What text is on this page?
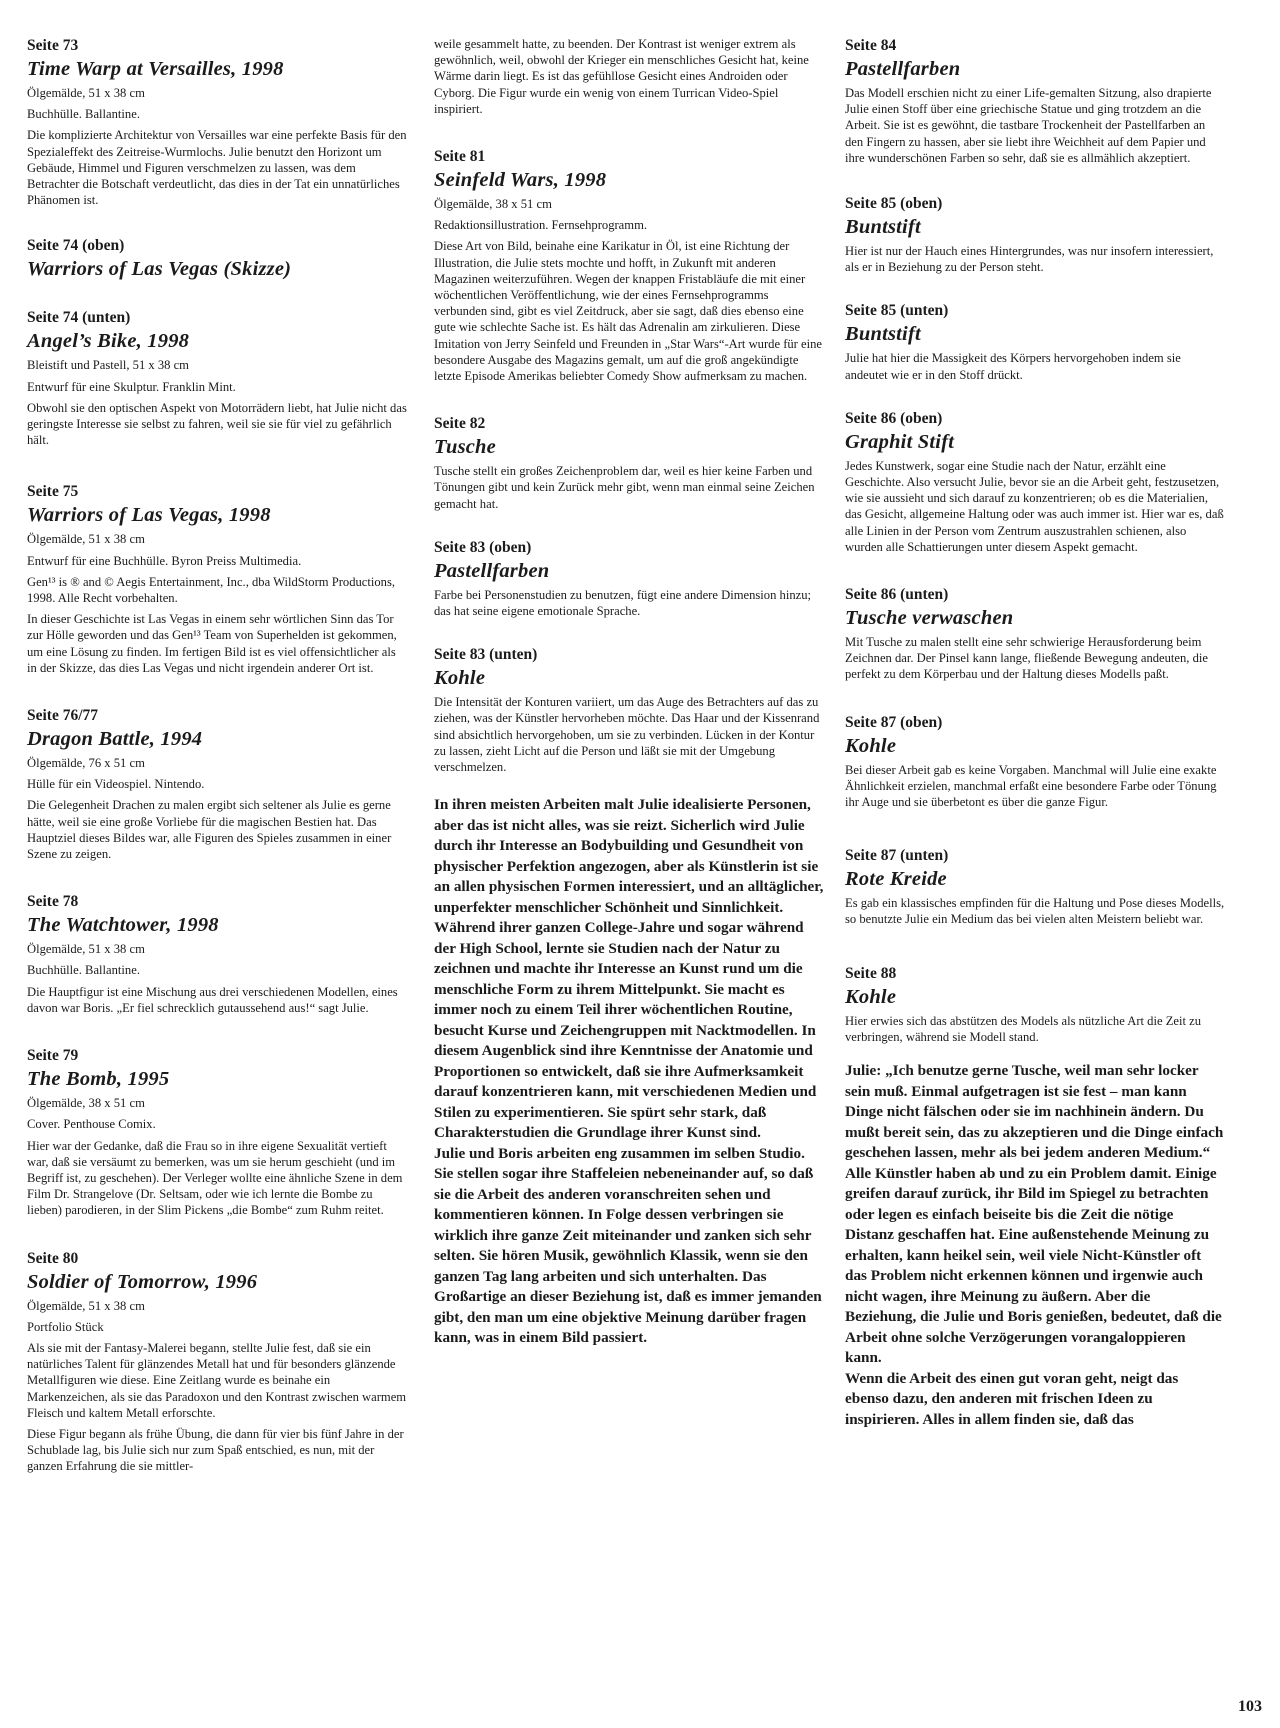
Seite 73
Time Warp at Versailles, 1998
Ölgemälde, 51 x 38 cm
Buchhülle. Ballantine.
Die komplizierte Architektur von Versailles war eine perfekte Basis für den Spezialeffekt des Zeitreise-Wurmlochs. Julie benutzt den Horizont um Gebäude, Himmel und Figuren verschmelzen zu lassen, was dem Betrachter die Botschaft verdeutlicht, das dies in der Tat ein unnatürliches Phänomen ist.
Seite 74 (oben)
Warriors of Las Vegas (Skizze)
Seite 74 (unten)
Angel’s Bike, 1998
Bleistift und Pastell, 51 x 38 cm
Entwurf für eine Skulptur. Franklin Mint.
Obwohl sie den optischen Aspekt von Motorrädern liebt, hat Julie nicht das geringste Interesse sie selbst zu fahren, weil sie sie für viel zu gefährlich hält.
Seite 75
Warriors of Las Vegas, 1998
Ölgemälde, 51 x 38 cm
Entwurf für eine Buchhülle. Byron Preiss Multimedia.
Gen¹³ is ® and © Aegis Entertainment, Inc., dba WildStorm Productions, 1998. Alle Recht vorbehalten.
In dieser Geschichte ist Las Vegas in einem sehr wörtlichen Sinn das Tor zur Hölle geworden und das Gen¹³ Team von Superhelden ist gekommen, um eine Lösung zu finden. Im fertigen Bild ist es viel offensichtlicher als in der Skizze, das dies Las Vegas und nicht irgendein anderer Ort ist.
Seite 76/77
Dragon Battle, 1994
Ölgemälde, 76 x 51 cm
Hülle für ein Videospiel. Nintendo.
Die Gelegenheit Drachen zu malen ergibt sich seltener als Julie es gerne hätte, weil sie eine große Vorliebe für die magischen Bestien hat. Das Hauptziel dieses Bildes war, alle Figuren des Spieles zusammen in einer Szene zu zeigen.
Seite 78
The Watchtower, 1998
Ölgemälde, 51 x 38 cm
Buchhülle. Ballantine.
Die Hauptfigur ist eine Mischung aus drei verschiedenen Modellen, eines davon war Boris. „Er fiel schrecklich gutaussehend aus!“ sagt Julie.
Seite 79
The Bomb, 1995
Ölgemälde, 38 x 51 cm
Cover. Penthouse Comix.
Hier war der Gedanke, daß die Frau so in ihre eigene Sexualität vertieft war, daß sie versäumt zu bemerken, was um sie herum geschieht (und im Begriff ist, zu geschehen). Der Verleger wollte eine ähnliche Szene in dem Film Dr. Strangelove (Dr. Seltsam, oder wie ich lernte die Bombe zu lieben) parodieren, in der Slim Pickens „die Bombe“ zum Ruhm reitet.
Seite 80
Soldier of Tomorrow, 1996
Ölgemälde, 51 x 38 cm
Portfolio Stück
Als sie mit der Fantasy-Malerei begann, stellte Julie fest, daß sie ein natürliches Talent für glänzendes Metall hat und für besonders glänzende Metallfiguren wie diese. Eine Zeitlang wurde es beinahe ein Markenzeichen, als sie das Paradoxon und den Kontrast zwischen warmem Fleisch und kaltem Metall erforschte.
Diese Figur begann als frühe Übung, die dann für vier bis fünf Jahre in der Schublade lag, bis Julie sich nur zum Spaß entschied, es nun, mit der ganzen Erfahrung die sie mittler-
weile gesammelt hatte, zu beenden. Der Kontrast ist weniger extrem als gewöhnlich, weil, obwohl der Krieger ein menschliches Gesicht hat, keine Wärme darin liegt. Es ist das gefühllose Gesicht eines Androiden oder Cyborg. Die Figur wurde ein wenig von einem Turrican Video-Spiel inspiriert.
Seite 81
Seinfeld Wars, 1998
Ölgemälde, 38 x 51 cm
Redaktionsillustration. Fernsehprogramm.
Diese Art von Bild, beinahe eine Karikatur in Öl, ist eine Richtung der Illustration, die Julie stets mochte und hofft, in Zukunft mit anderen Magazinen weiterzuführen. Wegen der knappen Fristabläufe die mit einer wöchentlichen Veröffentlichung, wie der eines Fernsehprogramms verbunden sind, gibt es viel Zeitdruck, aber sie sagt, daß dies ebenso eine gute wie schlechte Sache ist. Es hält das Adrenalin am zirkulieren. Diese Imitation von Jerry Seinfeld und Freunden in „Star Wars“-Art wurde für eine besondere Ausgabe des Magazins gemalt, um auf die groß angekündigte letzte Episode Amerikas beliebter Comedy Show aufmerksam zu machen.
Seite 82
Tusche
Tusche stellt ein großes Zeichenproblem dar, weil es hier keine Farben und Tönungen gibt und kein Zurück mehr gibt, wenn man einmal seine Zeichen gemacht hat.
Seite 83 (oben)
Pastellfarben
Farbe bei Personenstudien zu benutzen, fügt eine andere Dimension hinzu; das hat seine eigene emotionale Sprache.
Seite 83 (unten)
Kohle
Die Intensität der Konturen variiert, um das Auge des Betrachters auf das zu ziehen, was der Künstler hervorheben möchte. Das Haar und der Kissenrand sind absichtlich hervorgehoben, um sie zu verbinden. Lücken in der Kontur zu lassen, zieht Licht auf die Person und läßt sie mit der Umgebung verschmelzen.
In ihren meisten Arbeiten malt Julie idealisierte Personen, aber das ist nicht alles, was sie reizt. Sicherlich wird Julie durch ihr Interesse an Bodybuilding und Gesundheit von physischer Perfektion angezogen, aber als Künstlerin ist sie an allen physischen Formen interessiert, und an alltäglicher, unperfekter menschlicher Schönheit und Sinnlichkeit.
Während ihrer ganzen College-Jahre und sogar während der High School, lernte sie Studien nach der Natur zu zeichnen und machte ihr Interesse an Kunst rund um die menschliche Form zu ihrem Mittelpunkt. Sie macht es immer noch zu einem Teil ihrer wöchentlichen Routine, besucht Kurse und Zeichengruppen mit Nacktmodellen. In diesem Augenblick sind ihre Kenntnisse der Anatomie und Proportionen so entwickelt, daß sie ihre Aufmerksamkeit darauf konzentrieren kann, mit verschiedenen Medien und Stilen zu experimentieren. Sie spürt sehr stark, daß Charakterstudien die Grundlage ihrer Kunst sind.
Julie und Boris arbeiten eng zusammen im selben Studio. Sie stellen sogar ihre Staffeleien nebeneinander auf, so daß sie die Arbeit des anderen voranschreiten sehen und kommentieren können. In Folge dessen verbringen sie wirklich ihre ganze Zeit miteinander und zanken sich sehr selten. Sie hören Musik, gewöhnlich Klassik, wenn sie den ganzen Tag lang arbeiten und sich unterhalten. Das Großartige an dieser Beziehung ist, daß es immer jemanden gibt, den man um eine objektive Meinung darüber fragen kann, was in einem Bild passiert.
Seite 84
Pastellfarben
Das Modell erschien nicht zu einer Life-gemalten Sitzung, also drapierte Julie einen Stoff über eine griechische Statue und ging trotzdem an die Arbeit. Sie ist es gewöhnt, die tastbare Trockenheit der Pastellfarben an den Fingern zu hassen, aber sie liebt ihre Weichheit auf dem Papier und ihre wunderschönen Farben so sehr, daß sie es allmählich akzeptiert.
Seite 85 (oben)
Buntstift
Hier ist nur der Hauch eines Hintergrundes, was nur insofern interessiert, als er in Beziehung zu der Person steht.
Seite 85 (unten)
Buntstift
Julie hat hier die Massigkeit des Körpers hervorgehoben indem sie andeutet wie er in den Stoff drückt.
Seite 86 (oben)
Graphit Stift
Jedes Kunstwerk, sogar eine Studie nach der Natur, erzählt eine Geschichte. Also versucht Julie, bevor sie an die Arbeit geht, festzusetzen, wie sie aussieht und sich darauf zu konzentrieren; ob es die Materialien, das Gesicht, allgemeine Haltung oder was auch immer ist. Hier war es, daß alle Linien in der Person vom Zentrum auszustrahlen schienen, also wurden alle Schattierungen unter diesem Aspekt gemacht.
Seite 86 (unten)
Tusche verwaschen
Mit Tusche zu malen stellt eine sehr schwierige Herausforderung beim Zeichnen dar. Der Pinsel kann lange, fließende Bewegung andeuten, die perfekt zu dem Körperbau und der Haltung dieses Modells paßt.
Seite 87 (oben)
Kohle
Bei dieser Arbeit gab es keine Vorgaben. Manchmal will Julie eine exakte Ähnlichkeit erzielen, manchmal erfaßt eine besondere Farbe oder Tönung ihr Auge und sie überbetont es über die ganze Figur.
Seite 87 (unten)
Rote Kreide
Es gab ein klassisches empfinden für die Haltung und Pose dieses Modells, so benutzte Julie ein Medium das bei vielen alten Meistern beliebt war.
Seite 88
Kohle
Hier erwies sich das abstützen des Models als nützliche Art die Zeit zu verbringen, während sie Modell stand.
Julie: „Ich benutze gerne Tusche, weil man sehr locker sein muß. Einmal aufgetragen ist sie fest – man kann Dinge nicht fälschen oder sie im nachhinein ändern. Du mußt bereit sein, das zu akzeptieren und die Dinge einfach geschehen lassen, mehr als bei jedem anderen Medium.“
Alle Künstler haben ab und zu ein Problem damit. Einige greifen darauf zurück, ihr Bild im Spiegel zu betrachten oder legen es einfach beiseite bis die Zeit die nötige Distanz geschaffen hat. Eine außenstehende Meinung zu erhalten, kann heikel sein, weil viele Nicht-Künstler oft das Problem nicht erkennen können und irgenwie auch nicht wagen, ihre Meinung zu äußern. Aber die Beziehung, die Julie und Boris genießen, bedeutet, daß die Arbeit ohne solche Verzögerungen vorangaloppieren kann.
Wenn die Arbeit des einen gut voran geht, neigt das ebenso dazu, den anderen mit frischen Ideen zu inspirieren. Alles in allem finden sie, daß das
103
